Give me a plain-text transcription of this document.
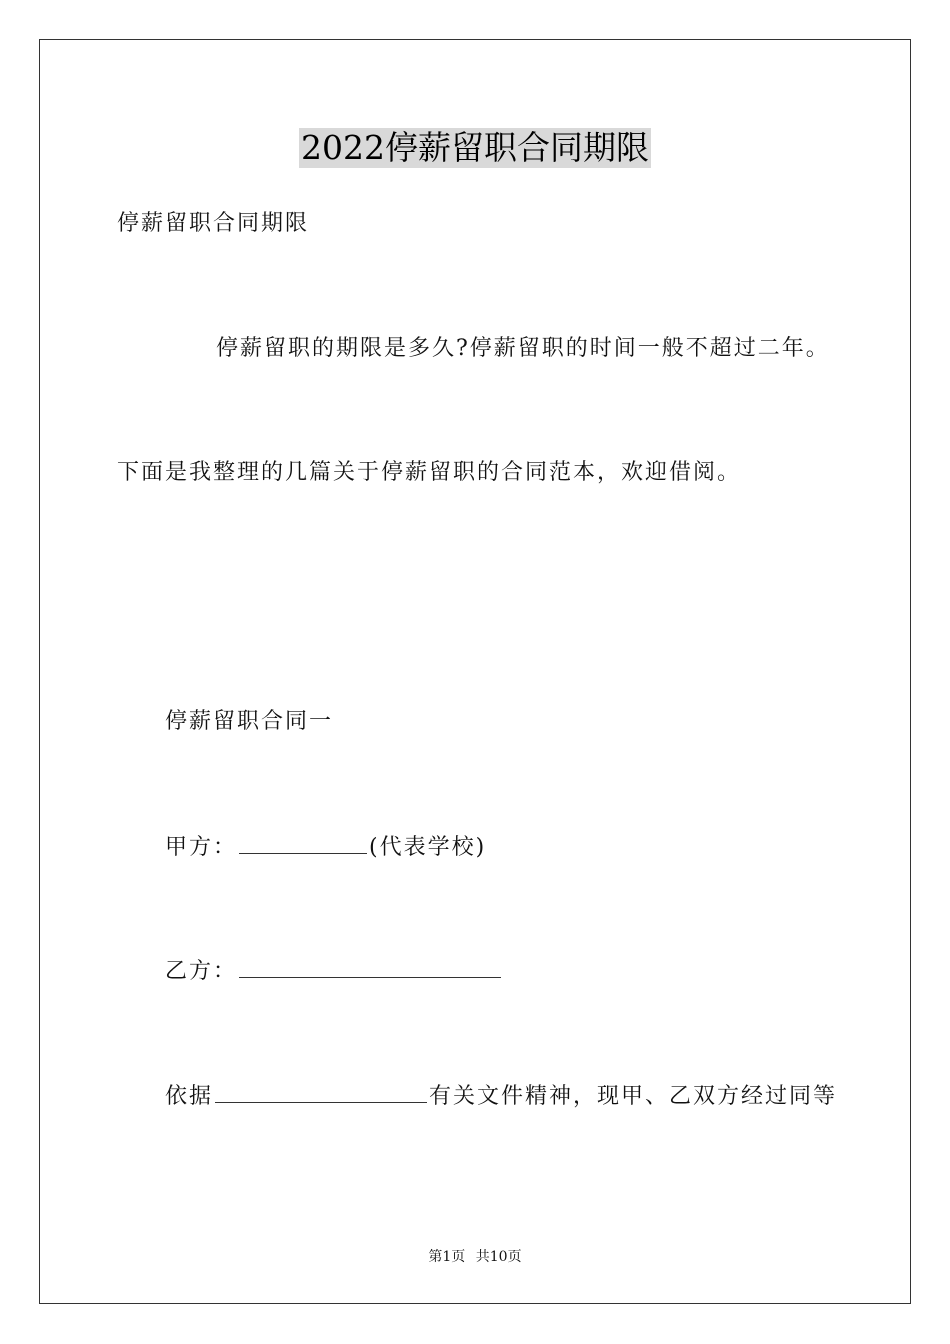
2022停薪留职合同期限
停薪留职合同期限
停薪留职的期限是多久?停薪留职的时间一般不超过二年。
下面是我整理的几篇关于停薪留职的合同范本，欢迎借阅。
停薪留职合同一
甲方：	(代表学校)
乙方：
依据	有关文件精神，现甲、乙双方经过同等
第1页 共10页
